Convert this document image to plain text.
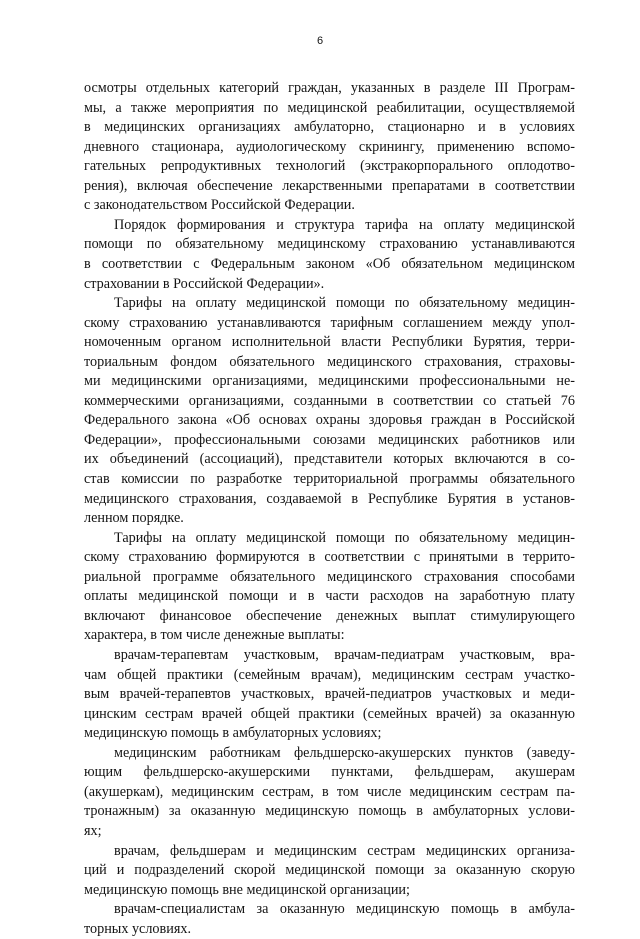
6
осмотры отдельных категорий граждан, указанных в разделе III Програм-
мы, а также мероприятия по медицинской реабилитации, осуществляемой
в медицинских организациях амбулаторно, стационарно и в условиях
дневного стационара, аудиологическому скринингу, применению вспомо-
гательных репродуктивных технологий (экстракорпорального оплодотво-
рения), включая обеспечение лекарственными препаратами в соответствии
с законодательством Российской Федерации.
Порядок формирования и структура тарифа на оплату медицинской
помощи по обязательному медицинскому страхованию устанавливаются
в соответствии с Федеральным законом «Об обязательном медицинском
страховании в Российской Федерации».
Тарифы на оплату медицинской помощи по обязательному медицин-
скому страхованию устанавливаются тарифным соглашением между упол-
номоченным органом исполнительной власти Республики Бурятия, терри-
ториальным фондом обязательного медицинского страхования, страховы-
ми медицинскими организациями, медицинскими профессиональными не-
коммерческими организациями, созданными в соответствии со статьей 76
Федерального закона «Об основах охраны здоровья граждан в Российской
Федерации», профессиональными союзами медицинских работников или
их объединений (ассоциаций), представители которых включаются в со-
став комиссии по разработке территориальной программы обязательного
медицинского страхования, создаваемой в Республике Бурятия в установ-
ленном порядке.
Тарифы на оплату медицинской помощи по обязательному медицин-
скому страхованию формируются в соответствии с принятыми в террито-
риальной программе обязательного медицинского страхования способами
оплаты медицинской помощи и в части расходов на заработную плату
включают финансовое обеспечение денежных выплат стимулирующего
характера, в том числе денежные выплаты:
врачам-терапевтам участковым, врачам-педиатрам участковым, вра-
чам общей практики (семейным врачам), медицинским сестрам участко-
вым врачей-терапевтов участковых, врачей-педиатров участковых и меди-
цинским сестрам врачей общей практики (семейных врачей) за оказанную
медицинскую помощь в амбулаторных условиях;
медицинским работникам фельдшерско-акушерских пунктов (заведу-
ющим фельдшерско-акушерскими пунктами, фельдшерам, акушерам
(акушеркам), медицинским сестрам, в том числе медицинским сестрам па-
тронажным) за оказанную медицинскую помощь в амбулаторных услови-
ях;
врачам, фельдшерам и медицинским сестрам медицинских организа-
ций и подразделений скорой медицинской помощи за оказанную скорую
медицинскую помощь вне медицинской организации;
врачам-специалистам за оказанную медицинскую помощь в амбула-
торных условиях.
